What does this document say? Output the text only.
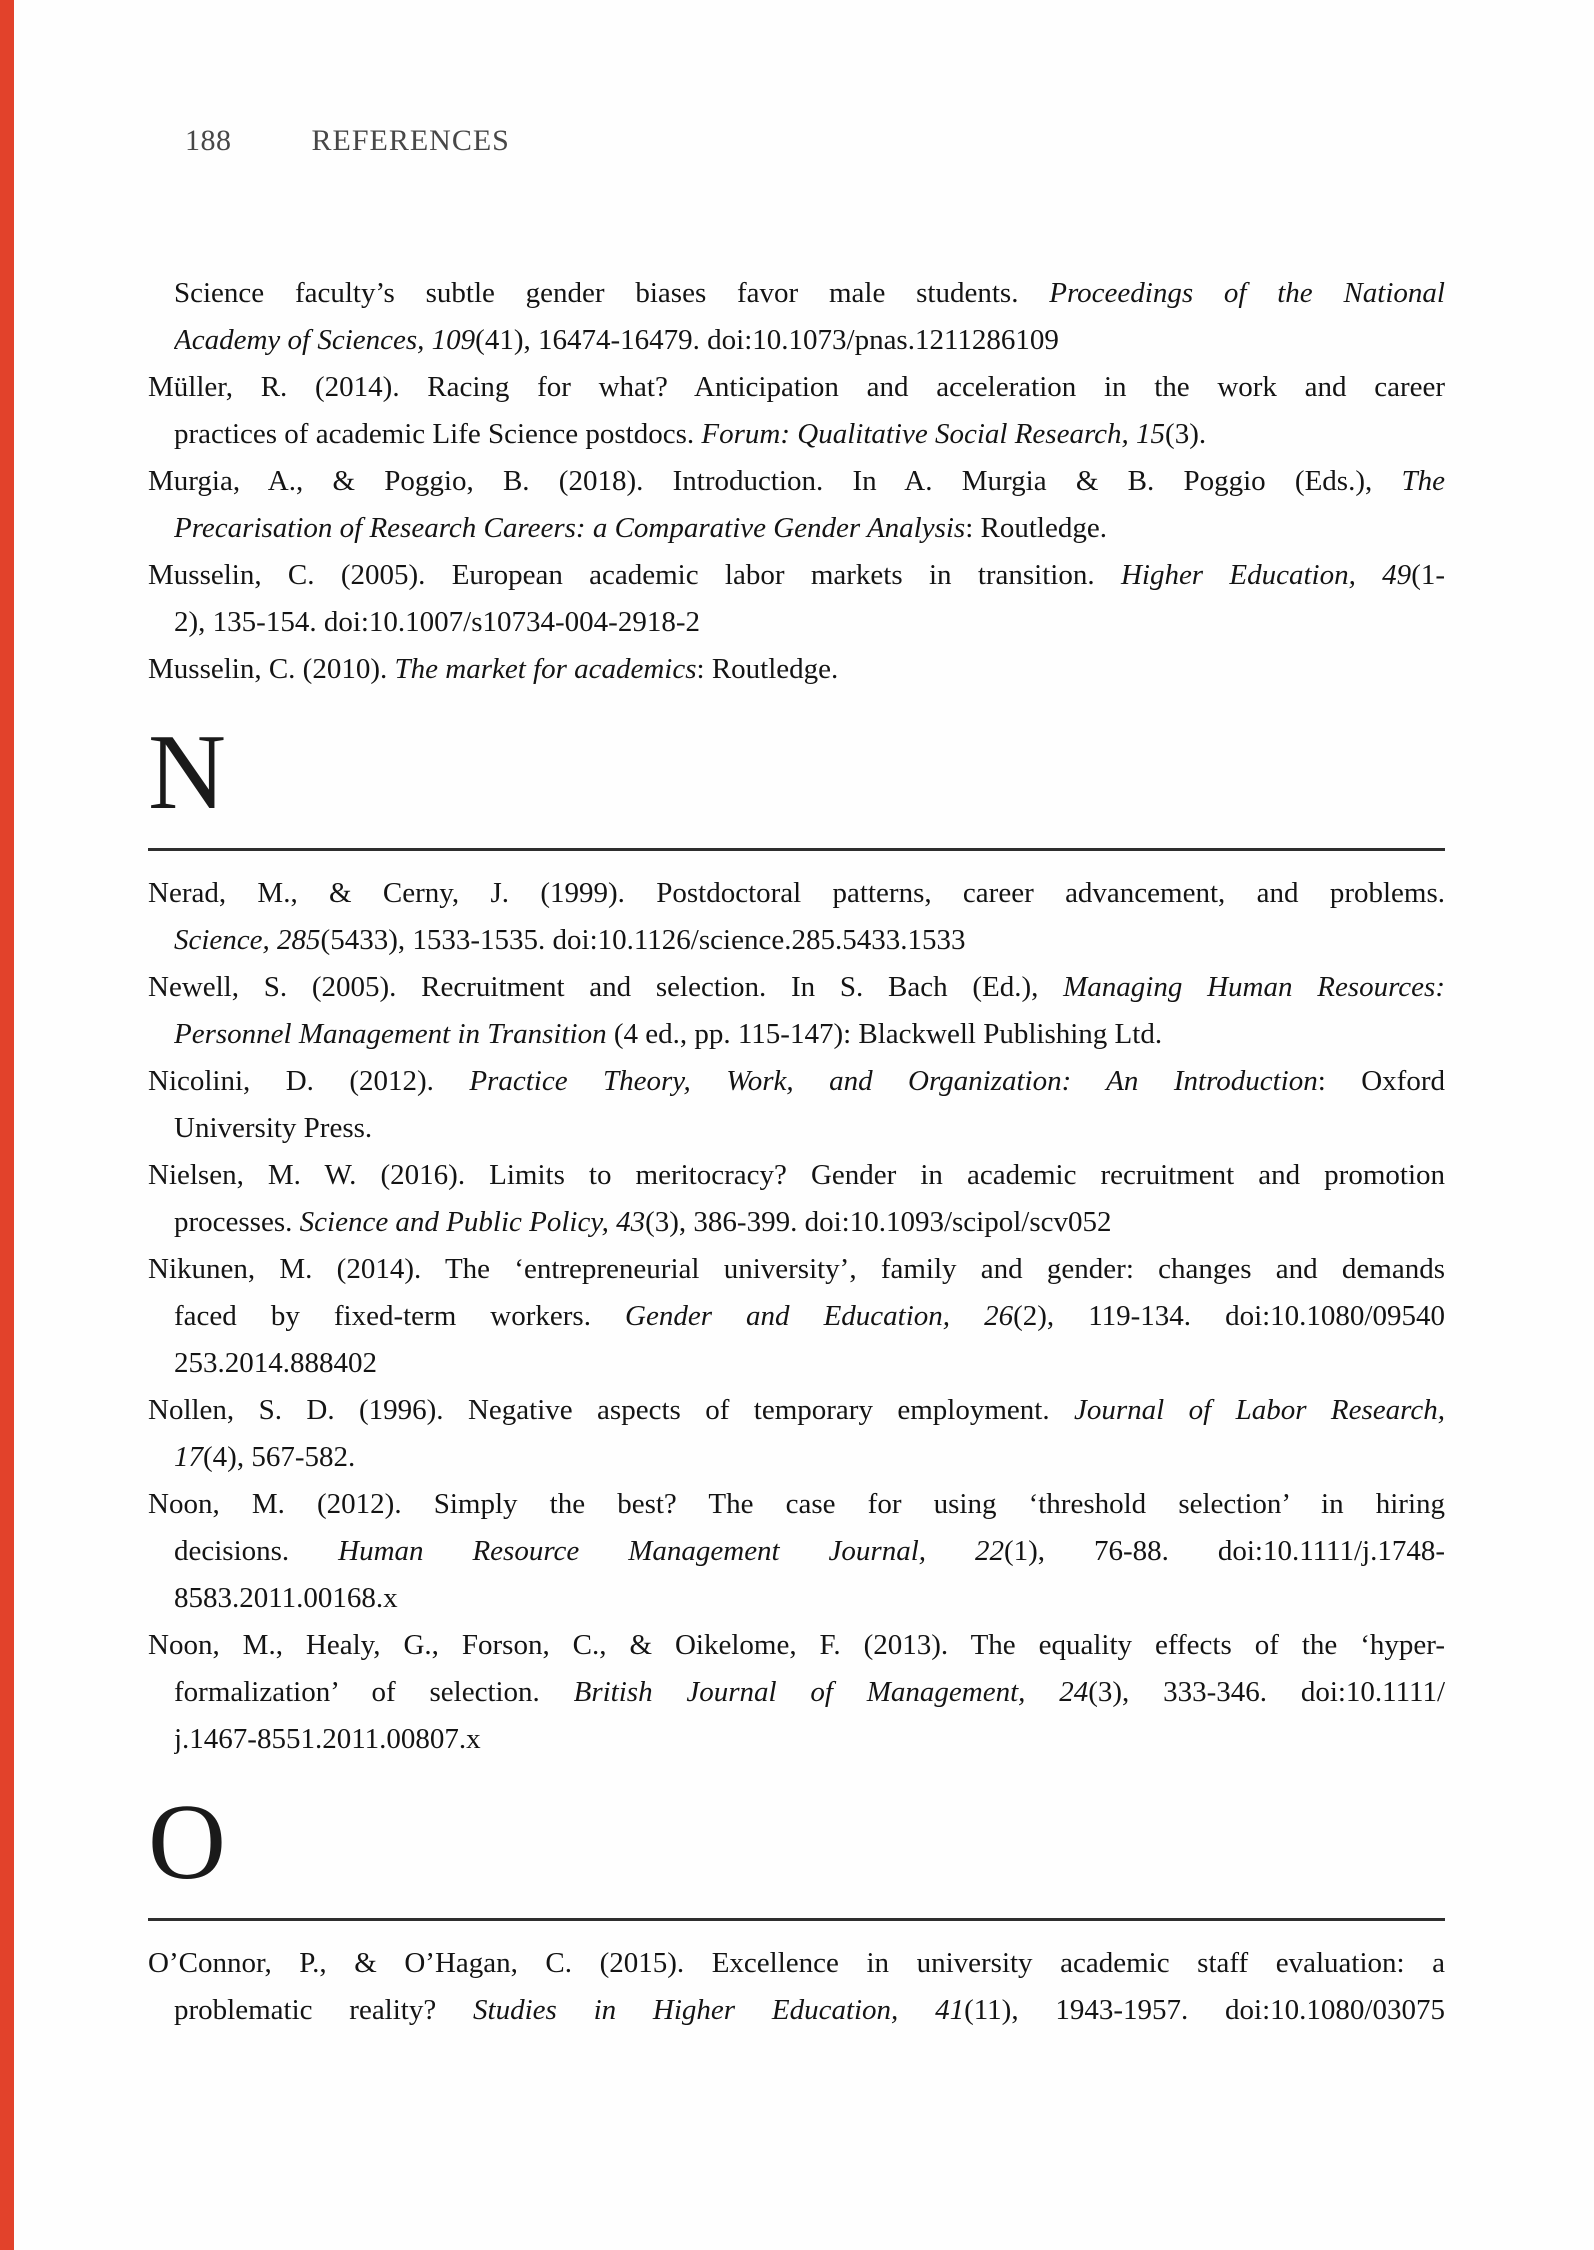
188	REFERENCES
Science faculty’s subtle gender biases favor male students. Proceedings of the National
Academy of Sciences, 109(41), 16474-16479. doi:10.1073/pnas.1211286109
Müller, R. (2014). Racing for what? Anticipation and acceleration in the work and career
practices of academic Life Science postdocs. Forum: Qualitative Social Research, 15(3).
Murgia, A., & Poggio, B. (2018). Introduction. In A. Murgia & B. Poggio (Eds.), The
Precarisation of Research Careers: a Comparative Gender Analysis: Routledge.
Musselin, C. (2005). European academic labor markets in transition. Higher Education, 49(1-
2), 135-154. doi:10.1007/s10734-004-2918-2
Musselin, C. (2010). The market for academics: Routledge.
N
Nerad, M., & Cerny, J. (1999). Postdoctoral patterns, career advancement, and problems.
Science, 285(5433), 1533-1535. doi:10.1126/science.285.5433.1533
Newell, S. (2005). Recruitment and selection. In S. Bach (Ed.), Managing Human Resources:
Personnel Management in Transition (4 ed., pp. 115-147): Blackwell Publishing Ltd.
Nicolini, D. (2012). Practice Theory, Work, and Organization: An Introduction: Oxford
University Press.
Nielsen, M. W. (2016). Limits to meritocracy? Gender in academic recruitment and promotion
processes. Science and Public Policy, 43(3), 386-399. doi:10.1093/scipol/scv052
Nikunen, M. (2014). The ‘entrepreneurial university’, family and gender: changes and demands
faced by fixed-term workers. Gender and Education, 26(2), 119-134. doi:10.1080/09540
253.2014.888402
Nollen, S. D. (1996). Negative aspects of temporary employment. Journal of Labor Research,
17(4), 567-582.
Noon, M. (2012). Simply the best? The case for using ‘threshold selection’ in hiring
decisions. Human Resource Management Journal, 22(1), 76-88. doi:10.1111/j.1748-
8583.2011.00168.x
Noon, M., Healy, G., Forson, C., & Oikelome, F. (2013). The equality effects of the ‘hyper-
formalization’ of selection. British Journal of Management, 24(3), 333-346. doi:10.1111/
j.1467-8551.2011.00807.x
O
O’Connor, P., & O’Hagan, C. (2015). Excellence in university academic staff evaluation: a
problematic reality? Studies in Higher Education, 41(11), 1943-1957. doi:10.1080/03075
